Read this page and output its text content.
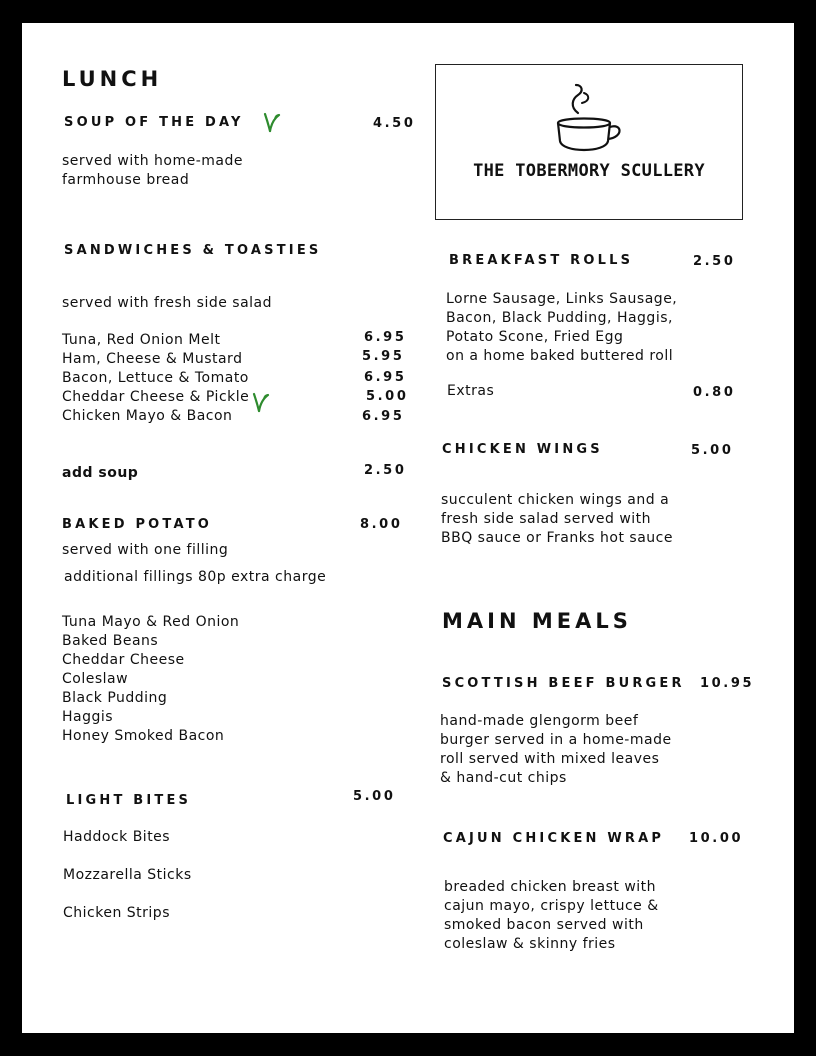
LUNCH
SOUP OF THE DAY	4.50
served with home-made
farmhouse bread
SANDWICHES & TOASTIES
served with fresh side salad
Tuna, Red Onion Melt	6.95
Ham, Cheese & Mustard	5.95
Bacon, Lettuce & Tomato	6.95
Cheddar Cheese & Pickle	5.00
Chicken Mayo & Bacon	6.95
add soup	2.50
BAKED POTATO	8.00
served with one filling
additional fillings 80p extra charge
Tuna Mayo & Red Onion
Baked Beans
Cheddar Cheese
Coleslaw
Black Pudding
Haggis
Honey Smoked Bacon
LIGHT BITES	5.00
Haddock Bites
Mozzarella Sticks
Chicken Strips
THE TOBERMORY SCULLERY
BREAKFAST ROLLS	2.50
Lorne Sausage, Links Sausage,
Bacon, Black Pudding, Haggis,
Potato Scone, Fried Egg
on a home baked buttered roll
Extras	0.80
CHICKEN WINGS	5.00
succulent chicken wings and a
fresh side salad served with
BBQ sauce or Franks hot sauce
MAIN MEALS
SCOTTISH BEEF BURGER 10.95
hand-made glengorm beef
burger served in a home-made
roll served with mixed leaves
& hand-cut chips
CAJUN CHICKEN WRAP 10.00
breaded chicken breast with
cajun mayo, crispy lettuce &
smoked bacon served with
coleslaw & skinny fries
